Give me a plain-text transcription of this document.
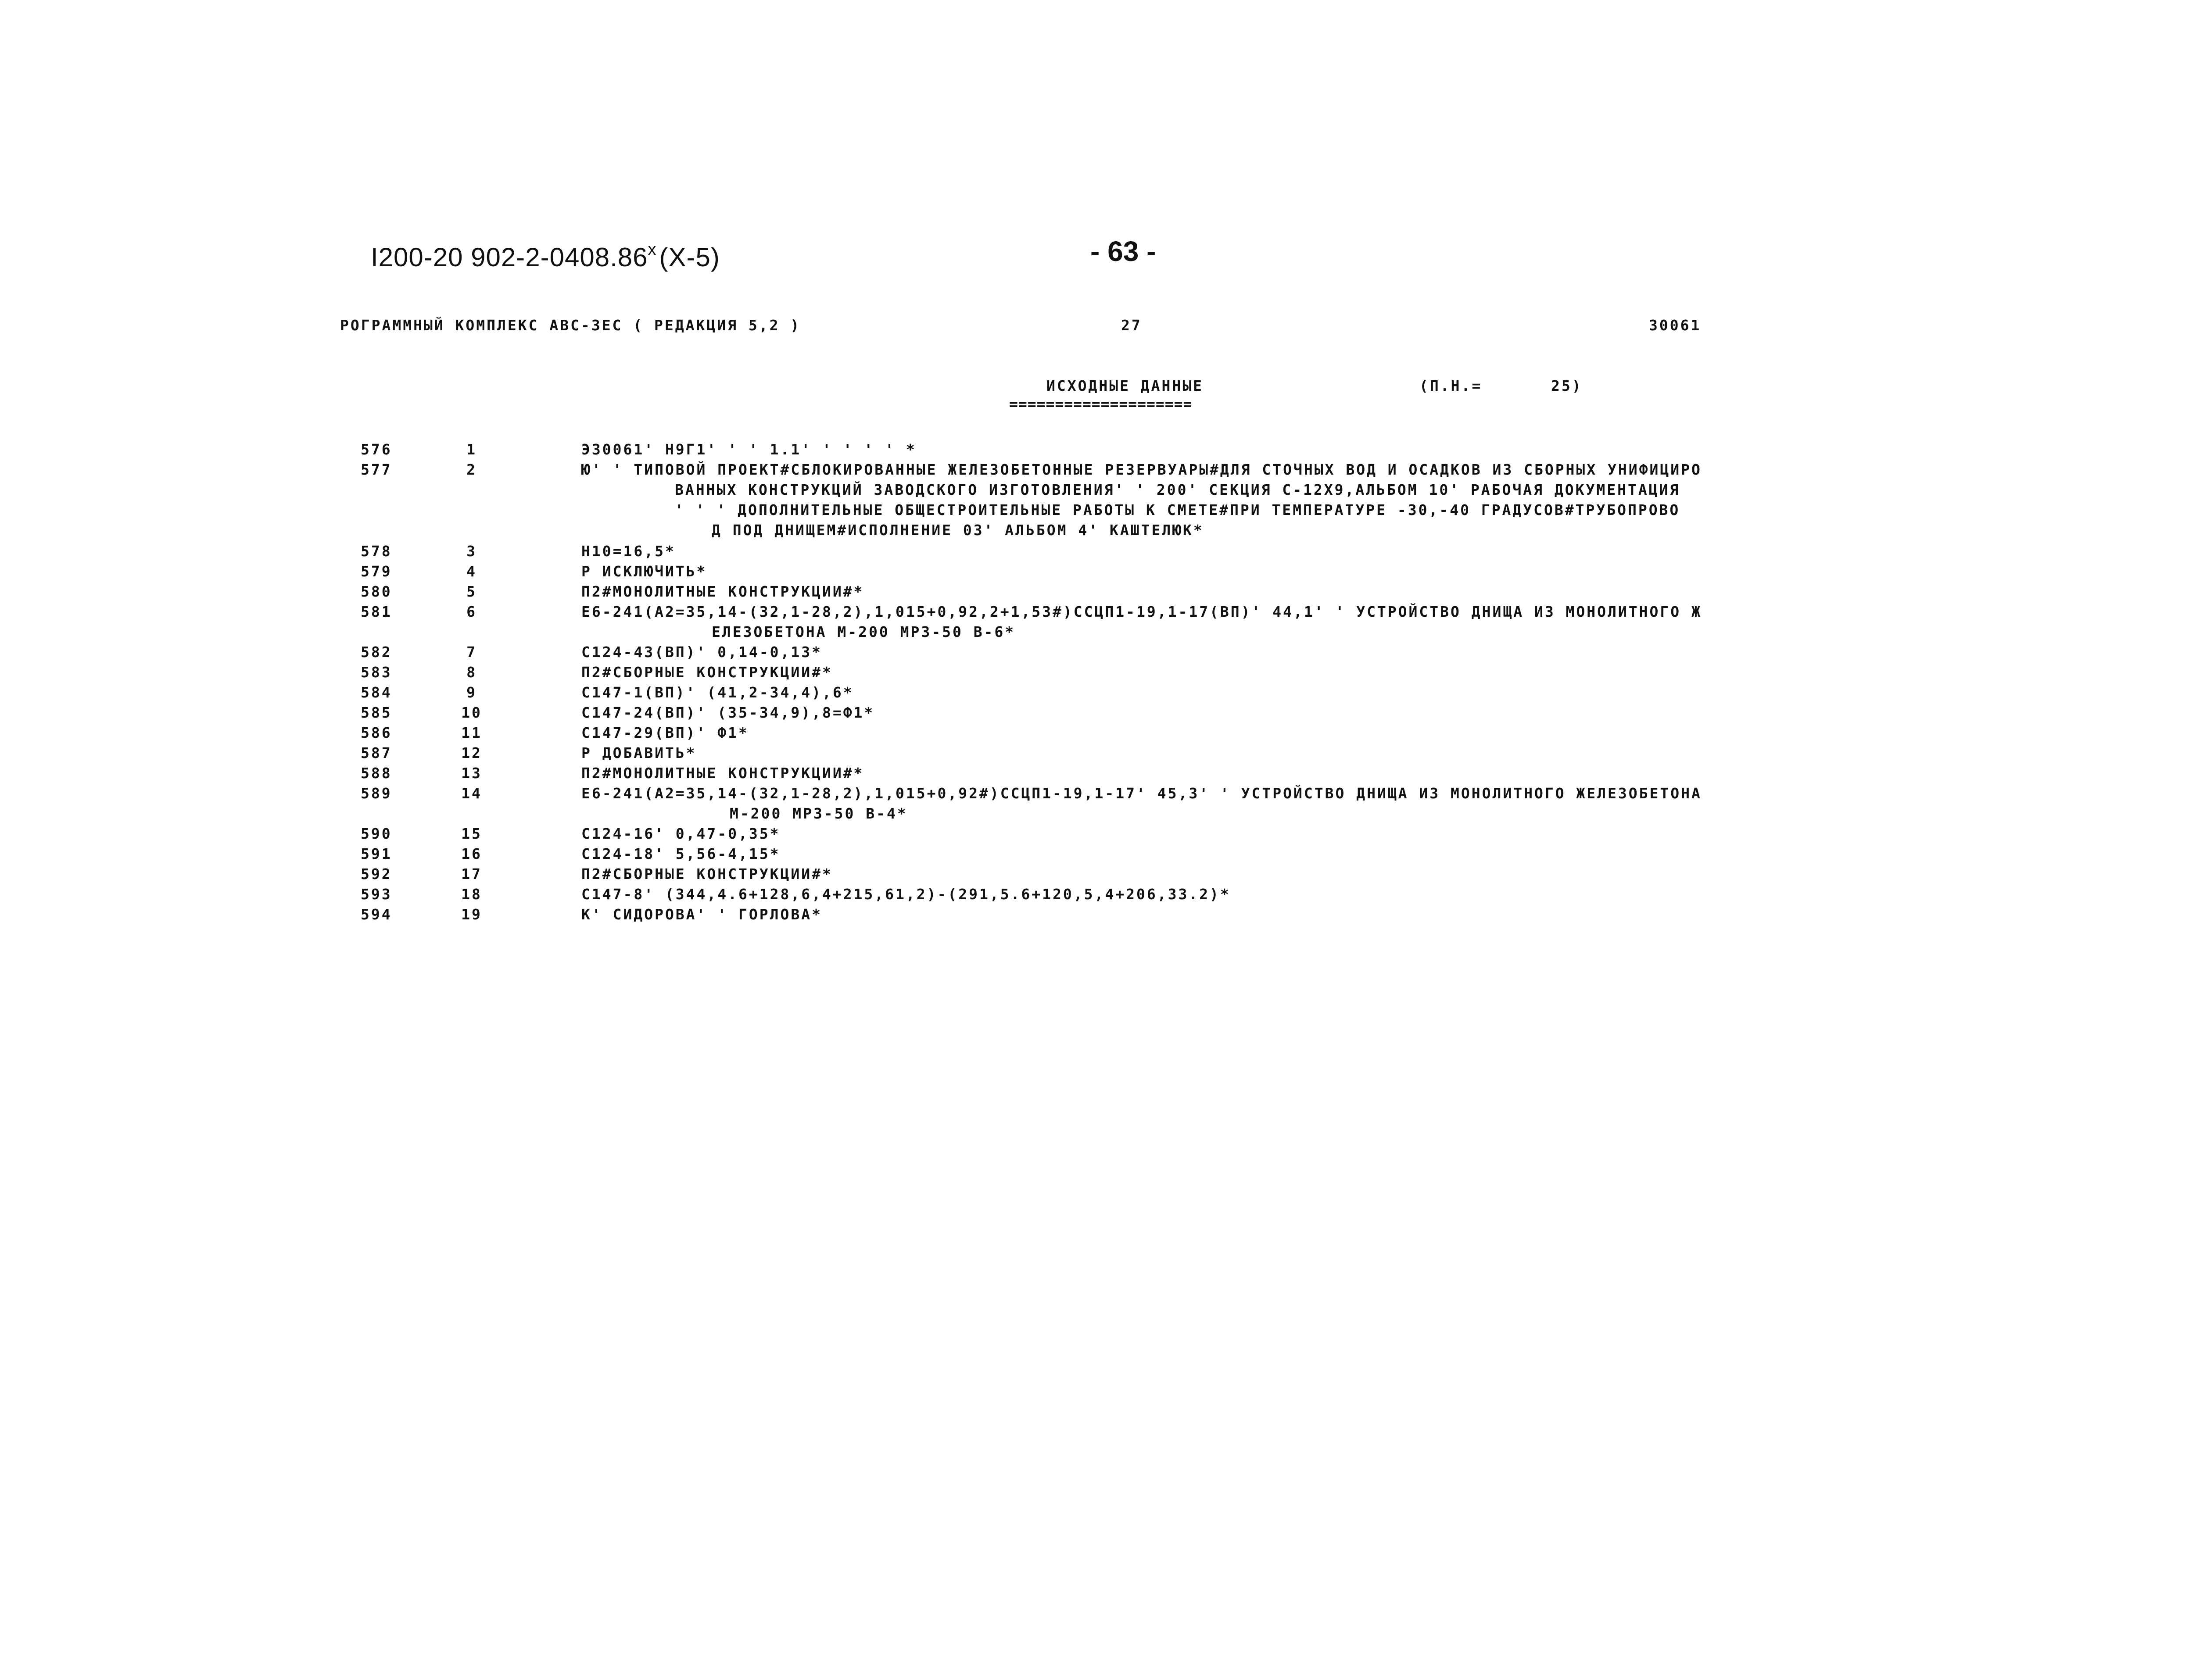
I200-20 902-2-0408.86$^x$ (X-5)	- 63 -
РОГРАММНЫЙ КОМПЛЕКС АВС-3ЕС ( РЕДАКЦИЯ 5,2 )	27	30061
ИСХОДНЫЕ ДАННЫЕ
====================
(П.Н.=	25)
576	1	Э30061' Н9Г1' ' ' 1.1' ' ' ' ' *
577	2	Ю' ' ТИПОВОЙ ПРОЕКТ#СБЛОКИРОВАННЫЕ ЖЕЛЕЗОБЕТОННЫЕ РЕЗЕРВУАРЫ#ДЛЯ СТОЧНЫХ ВОД И ОСАДКОВ ИЗ СБОРНЫХ УНИФИЦИРО
ВАННЫХ КОНСТРУКЦИЙ ЗАВОДСКОГО ИЗГОТОВЛЕНИЯ' ' 200' СЕКЦИЯ С-12Х9,АЛЬБОМ 10' РАБОЧАЯ ДОКУМЕНТАЦИЯ
' ' ' ДОПОЛНИТЕЛЬНЫЕ ОБЩЕСТРОИТЕЛЬНЫЕ РАБОТЫ К СМЕТЕ#ПРИ ТЕМПЕРАТУРЕ -30,-40 ГРАДУСОВ#ТРУБОПРОВО
Д ПОД ДНИЩЕМ#ИСПОЛНЕНИЕ 03' АЛЬБОМ 4' КАШТЕЛЮК*
578	3	Н10=16,5*
579	4	Р ИСКЛЮЧИТЬ*
580	5	П2#МОНОЛИТНЫЕ КОНСТРУКЦИИ#*
581	6	Е6-241(А2=35,14-(32,1-28,2),1,015+0,92,2+1,53#)ССЦП1-19,1-17(ВП)' 44,1' ' УСТРОЙСТВО ДНИЩА ИЗ МОНОЛИТНОГО Ж
ЕЛЕЗОБЕТОНА М-200 МРЗ-50 В-6*
582	7	С124-43(ВП)' 0,14-0,13*
583	8	П2#СБОРНЫЕ КОНСТРУКЦИИ#*
584	9	С147-1(ВП)' (41,2-34,4),6*
585	10	С147-24(ВП)' (35-34,9),8=Ф1*
586	11	С147-29(ВП)' Ф1*
587	12	Р ДОБАВИТЬ*
588	13	П2#МОНОЛИТНЫЕ КОНСТРУКЦИИ#*
589	14	Е6-241(А2=35,14-(32,1-28,2),1,015+0,92#)ССЦП1-19,1-17' 45,3' ' УСТРОЙСТВО ДНИЩА ИЗ МОНОЛИТНОГО ЖЕЛЕЗОБЕТОНА
М-200 МРЗ-50 В-4*
590	15	С124-16' 0,47-0,35*
591	16	С124-18' 5,56-4,15*
592	17	П2#СБОРНЫЕ КОНСТРУКЦИИ#*
593	18	С147-8' (344,4.6+128,6,4+215,61,2)-(291,5.6+120,5,4+206,33.2)*
594	19	К' СИДОРОВА' ' ГОРЛОВА*
